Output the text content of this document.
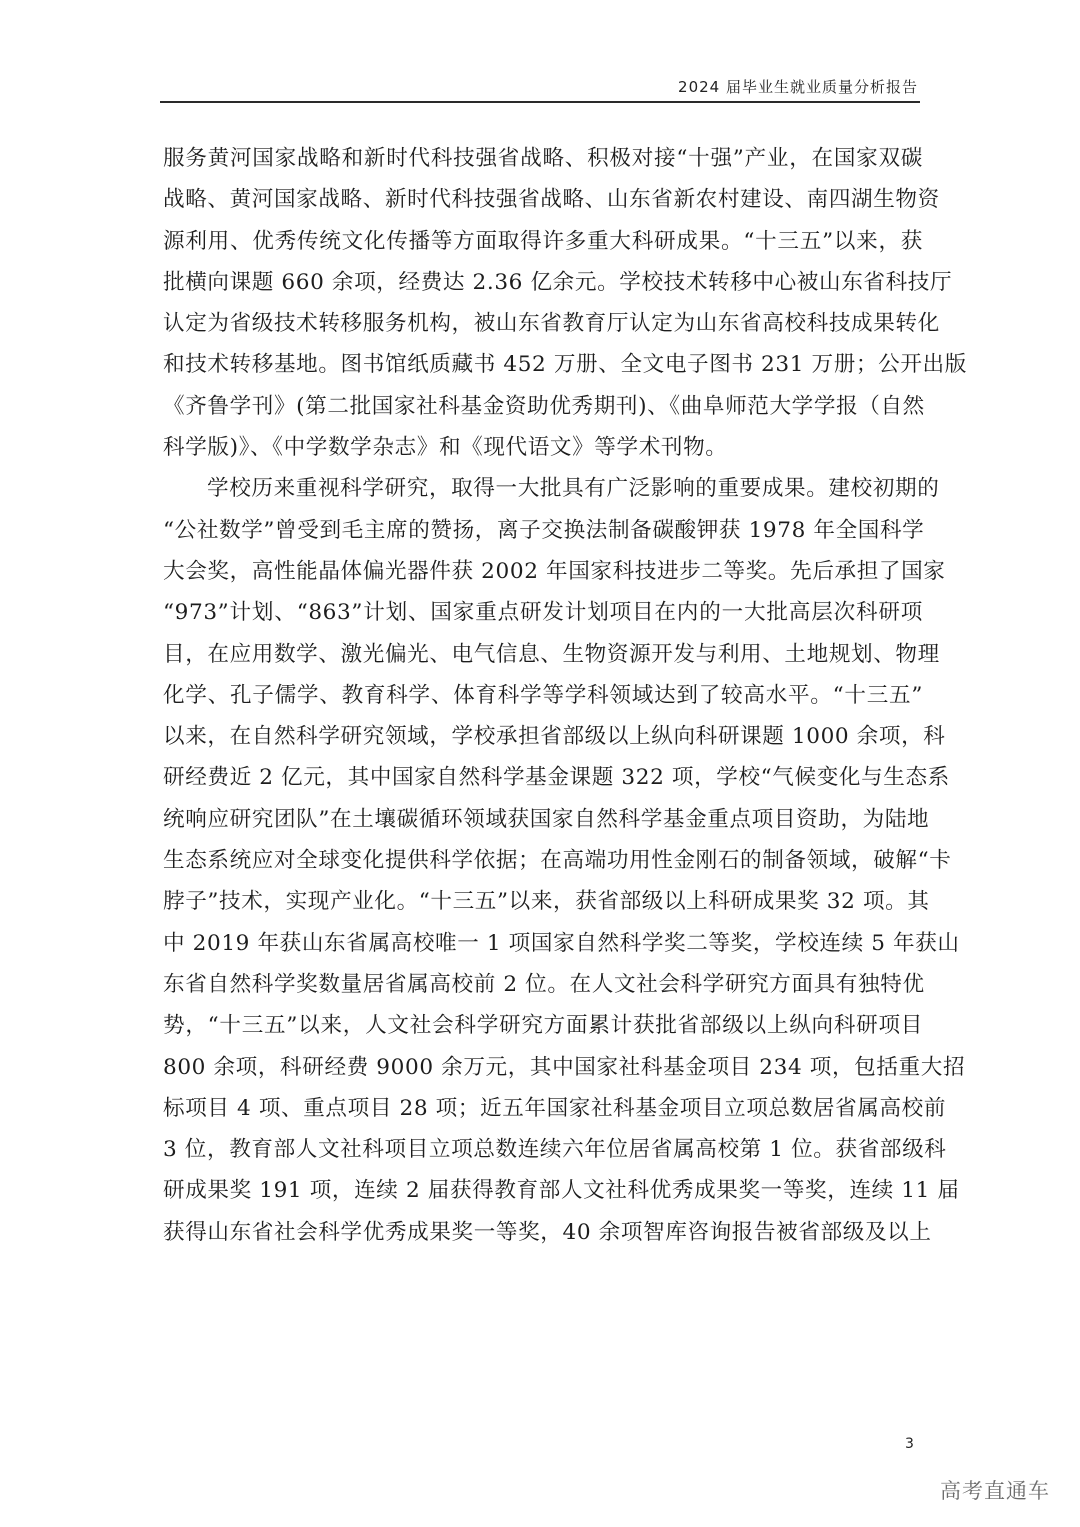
2024 届毕业生就业质量分析报告
服务黄河国家战略和新时代科技强省战略、积极对接“十强”产业，在国家双碳
战略、黄河国家战略、新时代科技强省战略、山东省新农村建设、南四湖生物资
源利用、优秀传统文化传播等方面取得许多重大科研成果。“十三五”以来，获
批横向课题 660 余项，经费达 2.36 亿余元。学校技术转移中心被山东省科技厅
认定为省级技术转移服务机构，被山东省教育厅认定为山东省高校科技成果转化
和技术转移基地。图书馆纸质藏书 452 万册、全文电子图书 231 万册；公开出版
《齐鲁学刊》(第二批国家社科基金资助优秀期刊)、《曲阜师范大学学报（自然
科学版)》、《中学数学杂志》和《现代语文》等学术刊物。
学校历来重视科学研究，取得一大批具有广泛影响的重要成果。建校初期的
“公社数学”曾受到毛主席的赞扬，离子交换法制备碳酸钾获 1978 年全国科学
大会奖，高性能晶体偏光器件获 2002 年国家科技进步二等奖。先后承担了国家
“973”计划、“863”计划、国家重点研发计划项目在内的一大批高层次科研项
目，在应用数学、激光偏光、电气信息、生物资源开发与利用、土地规划、物理
化学、孔子儒学、教育科学、体育科学等学科领域达到了较高水平。“十三五”
以来，在自然科学研究领域，学校承担省部级以上纵向科研课题 1000 余项，科
研经费近 2 亿元，其中国家自然科学基金课题 322 项，学校“气候变化与生态系
统响应研究团队”在土壤碳循环领域获国家自然科学基金重点项目资助，为陆地
生态系统应对全球变化提供科学依据；在高端功用性金刚石的制备领域，破解“卡
脖子”技术，实现产业化。“十三五”以来，获省部级以上科研成果奖 32 项。其
中 2019 年获山东省属高校唯一 1 项国家自然科学奖二等奖，学校连续 5 年获山
东省自然科学奖数量居省属高校前 2 位。在人文社会科学研究方面具有独特优
势，“十三五”以来，人文社会科学研究方面累计获批省部级以上纵向科研项目
800 余项，科研经费 9000 余万元，其中国家社科基金项目 234 项，包括重大招
标项目 4 项、重点项目 28 项；近五年国家社科基金项目立项总数居省属高校前
3 位，教育部人文社科项目立项总数连续六年位居省属高校第 1 位。获省部级科
研成果奖 191 项，连续 2 届获得教育部人文社科优秀成果奖一等奖，连续 11 届
获得山东省社会科学优秀成果奖一等奖，40 余项智库咨询报告被省部级及以上
3
高考直通车
